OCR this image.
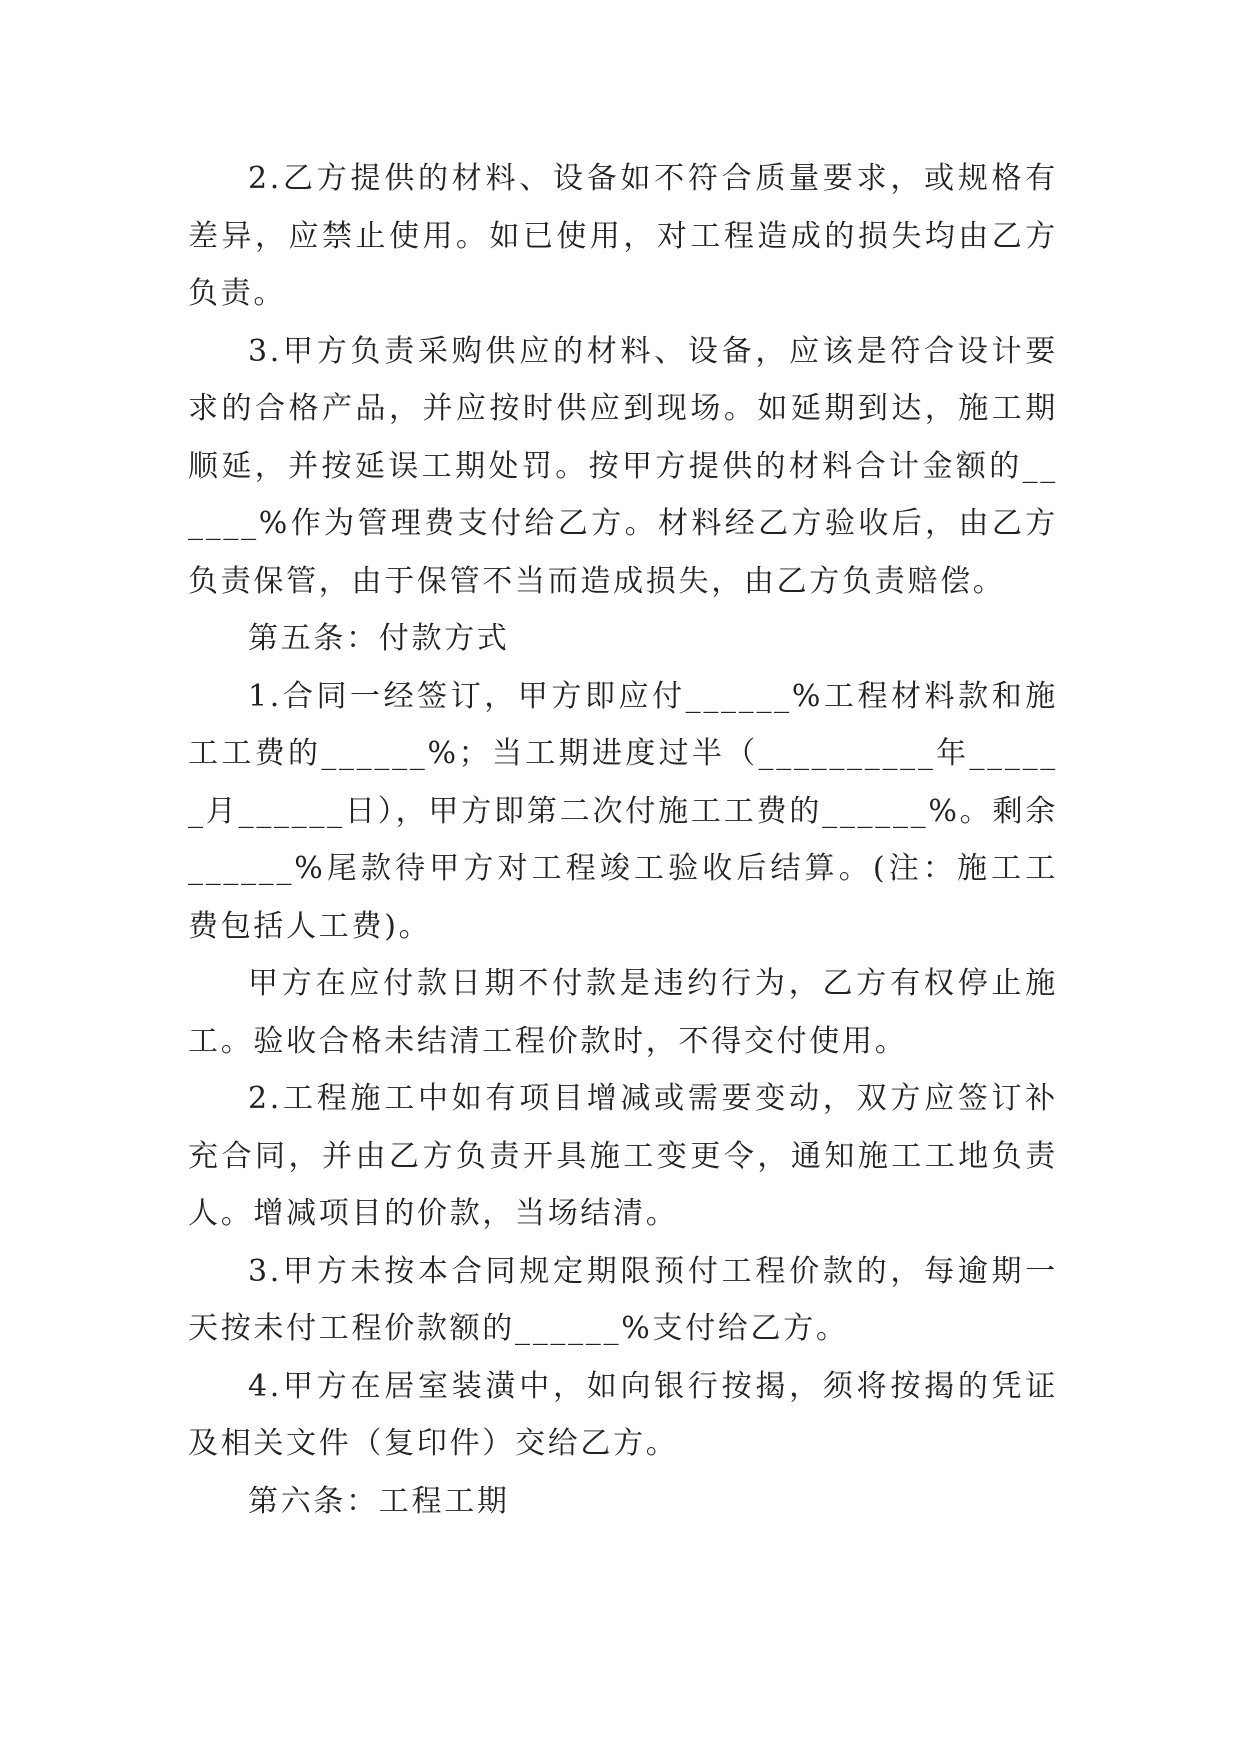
2.乙方提供的材料、设备如不符合质量要求，或规格有差异，应禁止使用。如已使用，对工程造成的损失均由乙方负责。

3.甲方负责采购供应的材料、设备，应该是符合设计要求的合格产品，并应按时供应到现场。如延期到达，施工期顺延，并按延误工期处罚。按甲方提供的材料合计金额的______%作为管理费支付给乙方。材料经乙方验收后，由乙方负责保管，由于保管不当而造成损失，由乙方负责赔偿。

第五条：付款方式

1.合同一经签订，甲方即应付______%工程材料款和施工工费的______%；当工期进度过半（__________年______月______日），甲方即第二次付施工工费的______%。剩余______%尾款待甲方对工程竣工验收后结算。(注：施工工费包括人工费)。

甲方在应付款日期不付款是违约行为，乙方有权停止施工。验收合格未结清工程价款时，不得交付使用。

2.工程施工中如有项目增减或需要变动，双方应签订补充合同，并由乙方负责开具施工变更令，通知施工工地负责人。增减项目的价款，当场结清。

3.甲方未按本合同规定期限预付工程价款的，每逾期一天按未付工程价款额的______%支付给乙方。

4.甲方在居室装潢中，如向银行按揭，须将按揭的凭证及相关文件（复印件）交给乙方。

第六条：工程工期
